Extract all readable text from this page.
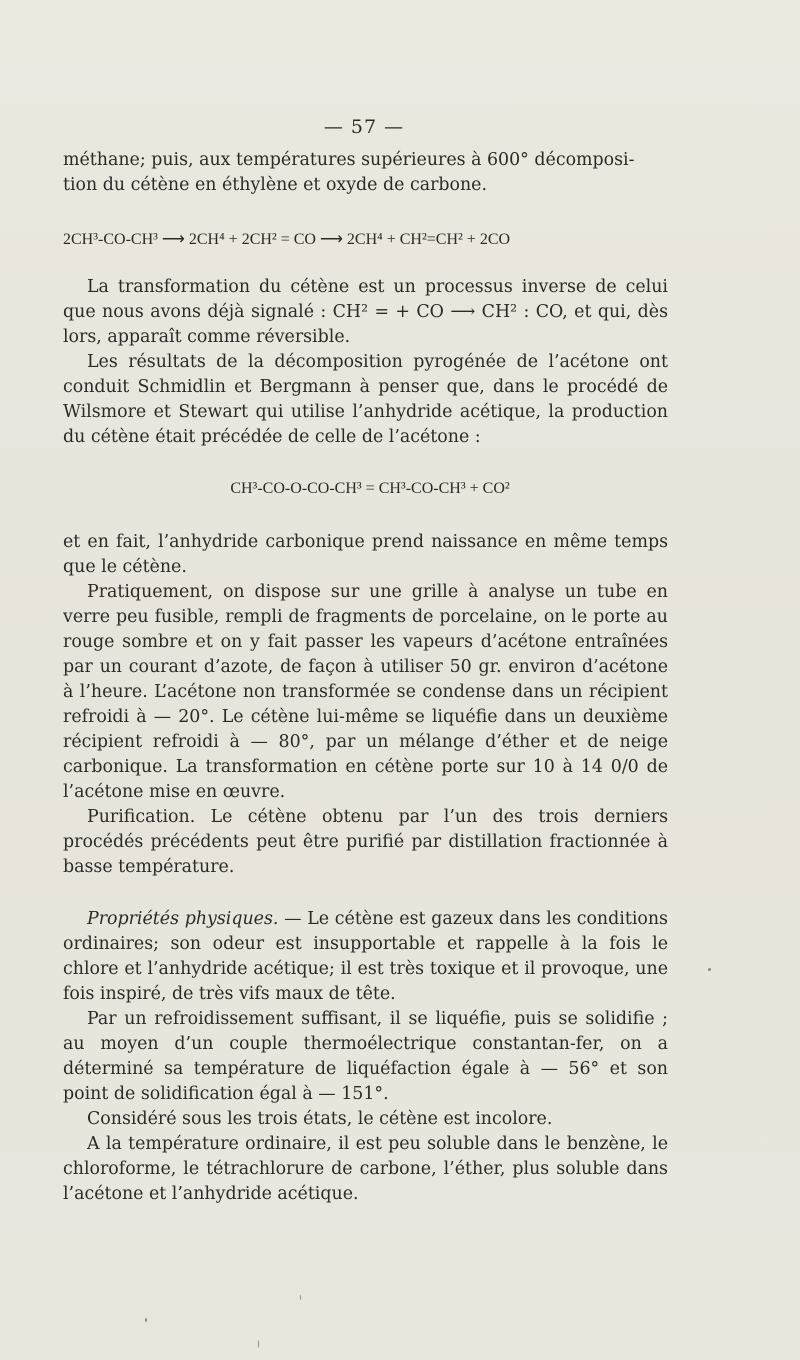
— 57 —

méthane; puis, aux températures supérieures à 600° décomposi-

tion du cétène en éthylène et oxyde de carbone.

2CH³-CO-CH³ ⟶ 2CH⁴ + 2CH² = CO ⟶ 2CH⁴ + CH²=CH² + 2CO

La transformation du cétène est un processus inverse de celui que nous avons déjà signalé : CH² = + CO ⟶ CH² : CO, et qui, dès lors, apparaît comme réversible.

Les résultats de la décomposition pyrogénée de l’acétone ont conduit Schmidlin et Bergmann à penser que, dans le procédé de Wilsmore et Stewart qui utilise l’anhydride acétique, la production du cétène était précédée de celle de l’acétone :

CH³-CO-O-CO-CH³ = CH³-CO-CH³ + CO²

et en fait, l’anhydride carbonique prend naissance en même temps que le cétène.

Pratiquement, on dispose sur une grille à analyse un tube en verre peu fusible, rempli de fragments de porcelaine, on le porte au rouge sombre et on y fait passer les vapeurs d’acétone entraînées par un courant d’azote, de façon à utiliser 50 gr. environ d’acétone à l’heure. L’acétone non transformée se condense dans un récipient refroidi à — 20°. Le cétène lui-même se liquéfie dans un deuxième récipient refroidi à — 80°, par un mélange d’éther et de neige carbonique. La transformation en cétène porte sur 10 à 14 0/0 de l’acétone mise en œuvre.

Purification. Le cétène obtenu par l’un des trois derniers procédés précédents peut être purifié par distillation fractionnée à basse température.

Propriétés physiques. — Le cétène est gazeux dans les conditions ordinaires; son odeur est insupportable et rappelle à la fois le chlore et l’anhydride acétique; il est très toxique et il provoque, une fois inspiré, de très vifs maux de tête.

Par un refroidissement suffisant, il se liquéfie, puis se solidifie ; au moyen d’un couple thermoélectrique constantan-fer, on a déterminé sa température de liquéfaction égale à — 56° et son point de solidification égal à — 151°.

Considéré sous les trois états, le cétène est incolore.

A la température ordinaire, il est peu soluble dans le benzène, le chloroforme, le tétrachlorure de carbone, l’éther, plus soluble dans l’acétone et l’anhydride acétique.
